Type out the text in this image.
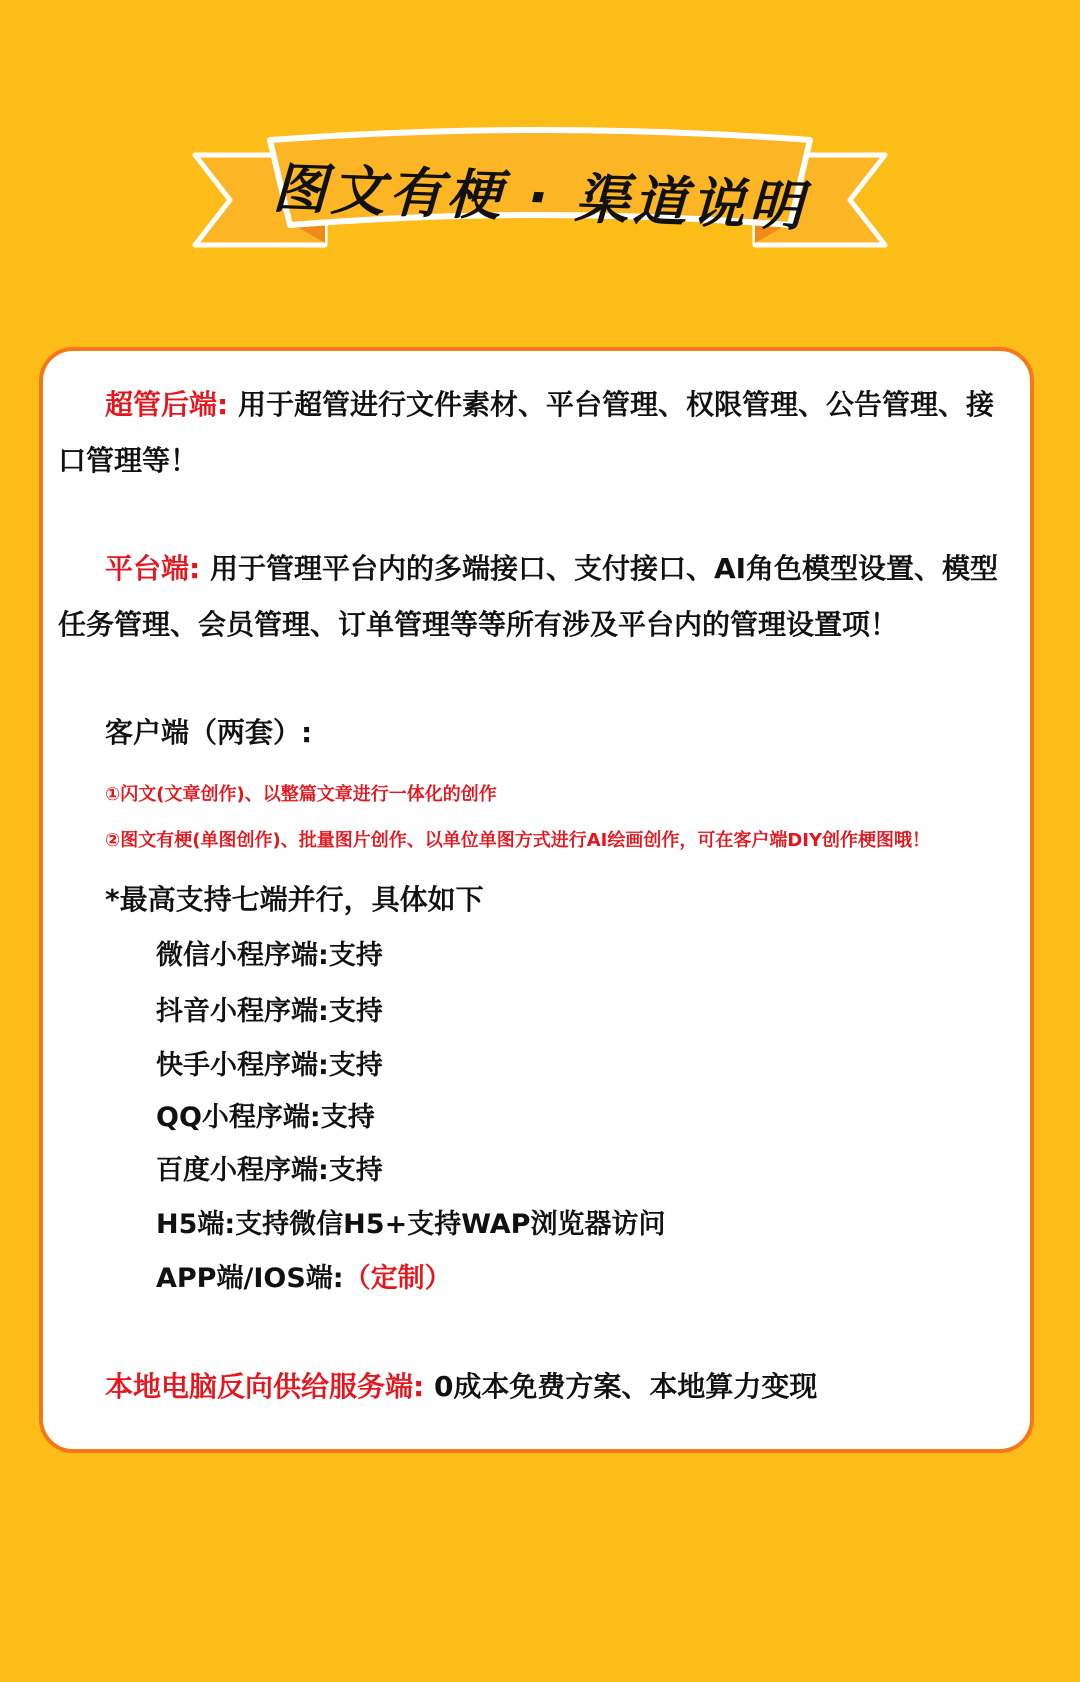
图文有梗 · 渠道说明
超管后端: 用于超管进行文件素材、平台管理、权限管理、公告管理、接口管理等！
平台端: 用于管理平台内的多端接口、支付接口、AI角色模型设置、模型任务管理、会员管理、订单管理等等所有涉及平台内的管理设置项！
客户端（两套）:
①闪文(文章创作)、以整篇文章进行一体化的创作
②图文有梗(单图创作)、批量图片创作、以单位单图方式进行AI绘画创作，可在客户端DIY创作梗图哦！
*最高支持七端并行，具体如下
微信小程序端:支持
抖音小程序端:支持
快手小程序端:支持
QQ小程序端:支持
百度小程序端:支持
H5端:支持微信H5+支持WAP浏览器访问
APP端/IOS端:（定制）
本地电脑反向供给服务端: 0成本免费方案、本地算力变现
